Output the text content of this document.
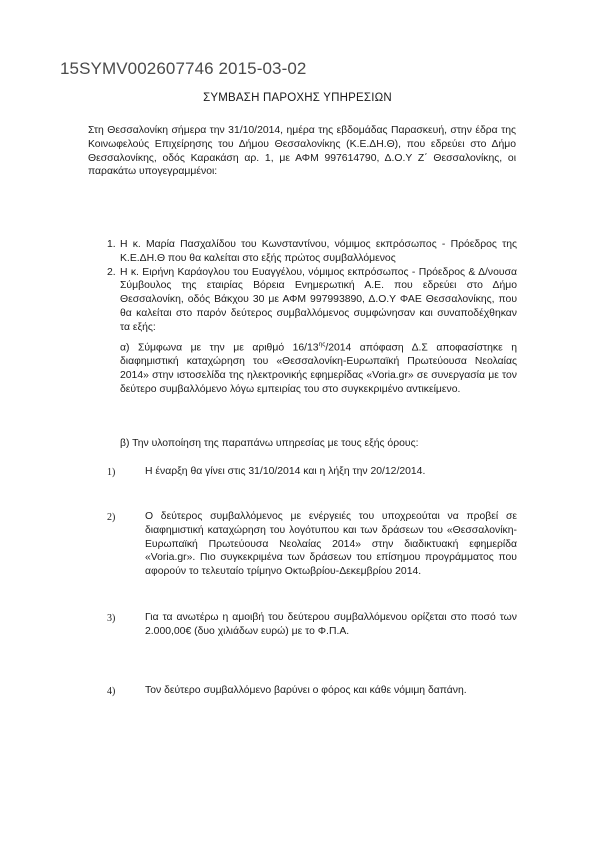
15SYMV002607746 2015-03-02
ΣΥΜΒΑΣΗ ΠΑΡΟΧΗΣ ΥΠΗΡΕΣΙΩΝ
Στη Θεσσαλονίκη σήμερα την 31/10/2014, ημέρα της εβδομάδας Παρασκευή, στην έδρα της Κοινωφελούς Επιχείρησης του Δήμου Θεσσαλονίκης (Κ.Ε.ΔΗ.Θ), που εδρεύει στο Δήμο Θεσσαλονίκης, οδός Καρακάση αρ. 1, με ΑΦΜ 997614790, Δ.Ο.Υ Ζ΄ Θεσσαλονίκης, οι παρακάτω υπογεγραμμένοι:
1. Η κ. Μαρία Πασχαλίδου του Κωνσταντίνου, νόμιμος εκπρόσωπος - Πρόεδρος της Κ.Ε.ΔΗ.Θ που θα καλείται στο εξής πρώτος συμβαλλόμενος
2. Η κ. Ειρήνη Καράογλου του Ευαγγέλου, νόμιμος εκπρόσωπος - Πρόεδρος & Δ/νουσα Σύμβουλος της εταιρίας Βόρεια Ενημερωτική Α.Ε. που εδρεύει στο Δήμο Θεσσαλονίκη, οδός Βάκχου 30 με ΑΦΜ 997993890, Δ.Ο.Υ ΦΑΕ Θεσσαλονίκης, που θα καλείται στο παρόν δεύτερος συμβαλλόμενος συμφώνησαν και συναποδέχθηκαν τα εξής:
α) Σύμφωνα με την με αριθμό $16/13^{\eta\varsigma}/2014$ απόφαση Δ.Σ αποφασίστηκε η διαφημιστική καταχώρηση του «Θεσσαλονίκη-Ευρωπαϊκή Πρωτεύουσα Νεολαίας 2014» στην ιστοσελίδα της ηλεκτρονικής εφημερίδας «Voria.gr» σε συνεργασία με τον δεύτερο συμβαλλόμενο λόγω εμπειρίας του στο συγκεκριμένο αντικείμενο.
β) Την υλοποίηση της παραπάνω υπηρεσίας με τους εξής όρους:
1)	Η έναρξη θα γίνει στις 31/10/2014 και η λήξη την 20/12/2014.
2)	Ο δεύτερος συμβαλλόμενος με ενέργειές του υποχρεούται να προβεί σε διαφημιστική καταχώρηση του λογότυπου και των δράσεων του «Θεσσαλονίκη- Ευρωπαϊκή Πρωτεύουσα Νεολαίας 2014» στην διαδικτυακή εφημερίδα «Voria.gr». Πιο συγκεκριμένα των δράσεων του επίσημου προγράμματος που αφορούν το τελευταίο τρίμηνο Οκτωβρίου-Δεκεμβρίου 2014.
3)	Για τα ανωτέρω η αμοιβή του δεύτερου συμβαλλόμενου ορίζεται στο ποσό των 2.000,00€ (δυο χιλιάδων ευρώ) με το Φ.Π.Α.
4)	Τον δεύτερο συμβαλλόμενο βαρύνει ο φόρος και κάθε νόμιμη δαπάνη.
